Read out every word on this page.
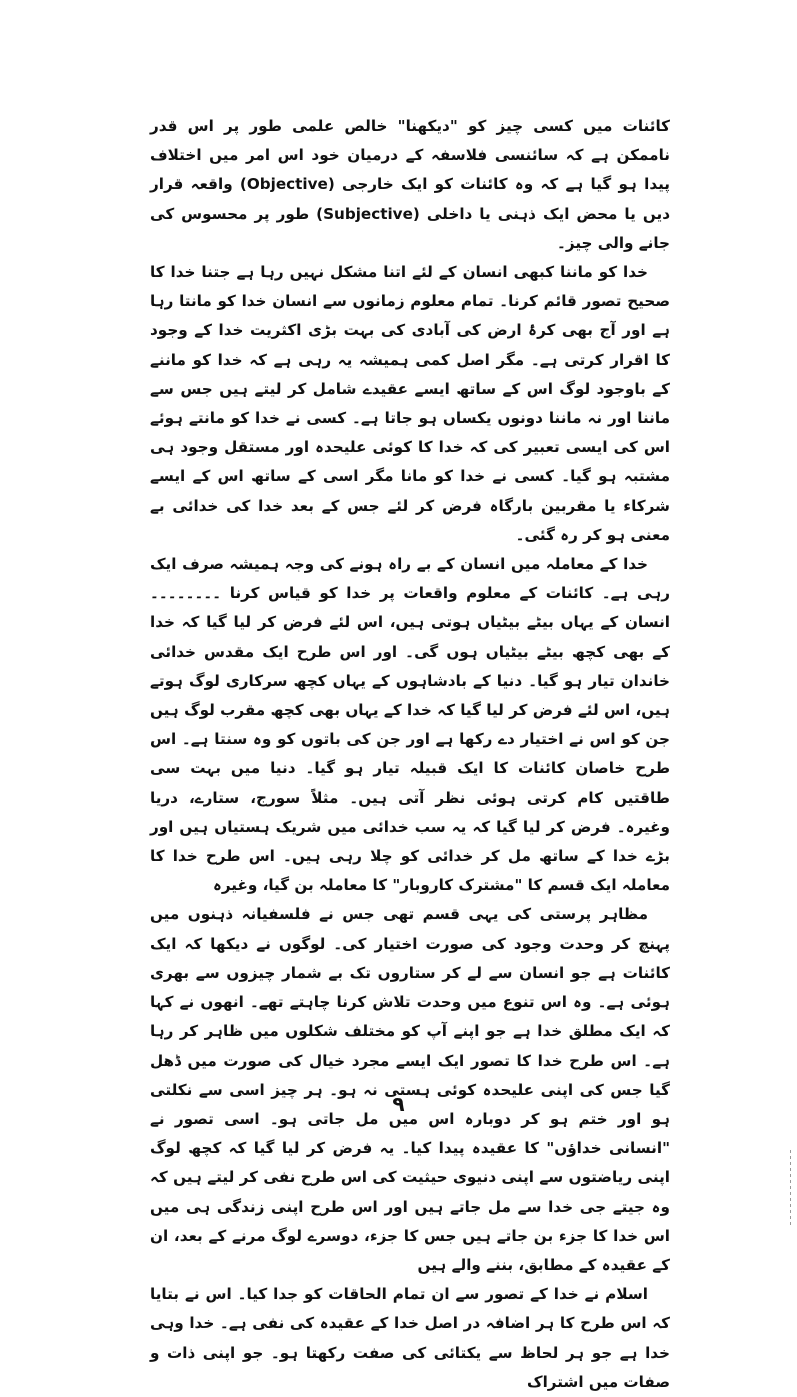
کائنات میں کسی چیز کو "دیکھنا" خالص علمی طور پر اس قدر ناممکن ہے کہ سائنسی فلاسفہ کے درمیان خود اس امر میں اختلاف پیدا ہو گیا ہے کہ وہ کائنات کو ایک خارجی (Objective) واقعہ قرار دیں یا محض ایک ذہنی یا داخلی (Subjective) طور پر محسوس کی جانے والی چیز۔

خدا کو ماننا کبھی انسان کے لئے اتنا مشکل نہیں رہا ہے جتنا خدا کا صحیح تصور قائم کرنا۔ تمام معلوم زمانوں سے انسان خدا کو مانتا رہا ہے اور آج بھی کرۂ ارض کی آبادی کی بہت بڑی اکثریت خدا کے وجود کا اقرار کرتی ہے۔ مگر اصل کمی ہمیشہ یہ رہی ہے کہ خدا کو ماننے کے باوجود لوگ اس کے ساتھ ایسے عقیدے شامل کر لیتے ہیں جس سے ماننا اور نہ ماننا دونوں یکساں ہو جاتا ہے۔ کسی نے خدا کو مانتے ہوئے اس کی ایسی تعبیر کی کہ خدا کا کوئی علیحدہ اور مستقل وجود ہی مشتبہ ہو گیا۔ کسی نے خدا کو مانا مگر اسی کے ساتھ اس کے ایسے شرکاء یا مقربین بارگاہ فرض کر لئے جس کے بعد خدا کی خدائی بے معنی ہو کر رہ گئی۔

خدا کے معاملہ میں انسان کے بے راہ ہونے کی وجہ ہمیشہ صرف ایک رہی ہے۔ کائنات کے معلوم واقعات پر خدا کو قیاس کرنا ۔۔۔۔۔۔۔۔ انسان کے یہاں بیٹے بیٹیاں ہوتی ہیں، اس لئے فرض کر لیا گیا کہ خدا کے بھی کچھ بیٹے بیٹیاں ہوں گی۔ اور اس طرح ایک مقدس خدائی خاندان تیار ہو گیا۔ دنیا کے بادشاہوں کے یہاں کچھ سرکاری لوگ ہوتے ہیں، اس لئے فرض کر لیا گیا کہ خدا کے یہاں بھی کچھ مقرب لوگ ہیں جن کو اس نے اختیار دے رکھا ہے اور جن کی باتوں کو وہ سنتا ہے۔ اس طرح خاصان کائنات کا ایک قبیلہ تیار ہو گیا۔ دنیا میں بہت سی طاقتیں کام کرتی ہوئی نظر آتی ہیں۔ مثلاً سورج، ستارے، دریا وغیرہ۔ فرض کر لیا گیا کہ یہ سب خدائی میں شریک ہستیاں ہیں اور بڑے خدا کے ساتھ مل کر خدائی کو چلا رہی ہیں۔ اس طرح خدا کا معاملہ ایک قسم کا "مشترک کاروبار" کا معاملہ بن گیا، وغیرہ

مظاہر پرستی کی یہی قسم تھی جس نے فلسفیانہ ذہنوں میں پہنچ کر وحدت وجود کی صورت اختیار کی۔ لوگوں نے دیکھا کہ ایک کائنات ہے جو انسان سے لے کر ستاروں تک بے شمار چیزوں سے بھری ہوئی ہے۔ وہ اس تنوع میں وحدت تلاش کرنا چاہتے تھے۔ انھوں نے کہا کہ ایک مطلق خدا ہے جو اپنے آپ کو مختلف شکلوں میں ظاہر کر رہا ہے۔ اس طرح خدا کا تصور ایک ایسے مجرد خیال کی صورت میں ڈھل گیا جس کی اپنی علیحدہ کوئی ہستی نہ ہو۔ ہر چیز اسی سے نکلتی ہو اور ختم ہو کر دوبارہ اس میں مل جاتی ہو۔ اسی تصور نے "انسانی خداؤں" کا عقیدہ پیدا کیا۔ یہ فرض کر لیا گیا کہ کچھ لوگ اپنی ریاضتوں سے اپنی دنیوی حیثیت کی اس طرح نفی کر لیتے ہیں کہ وہ جیتے جی خدا سے مل جاتے ہیں اور اس طرح اپنی زندگی ہی میں اس خدا کا جزء بن جاتے ہیں جس کا جزء، دوسرے لوگ مرنے کے بعد، ان کے عقیدہ کے مطابق، بننے والے ہیں

اسلام نے خدا کے تصور سے ان تمام الحاقات کو جدا کیا۔ اس نے بتایا کہ اس طرح کا ہر اضافہ در اصل خدا کے عقیدہ کی نفی ہے۔ خدا وہی خدا ہے جو ہر لحاظ سے یکتائی کی صفت رکھتا ہو۔ جو اپنی ذات و صفات میں اشتراک

۹
